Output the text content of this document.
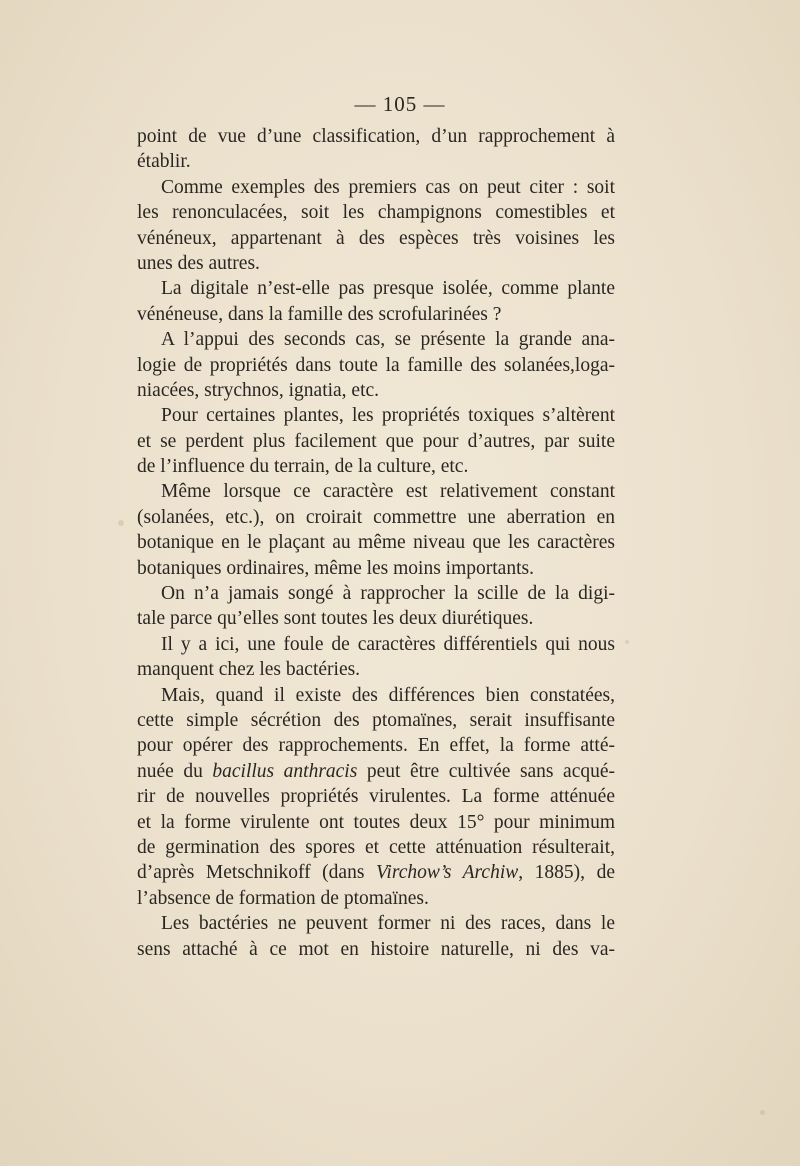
— 105 —
point de vue d’une classification, d’un rapprochement à
établir.
Comme exemples des premiers cas on peut citer : soit
les renonculacées, soit les champignons comestibles et
vénéneux, appartenant à des espèces très voisines les
unes des autres.
La digitale n’est-elle pas presque isolée, comme plante
vénéneuse, dans la famille des scrofularinées ?
A l’appui des seconds cas, se présente la grande ana-
logie de propriétés dans toute la famille des solanées,loga-
niacées, strychnos, ignatia, etc.
Pour certaines plantes, les propriétés toxiques s’altèrent
et se perdent plus facilement que pour d’autres, par suite
de l’influence du terrain, de la culture, etc.
Même lorsque ce caractère est relativement constant
(solanées, etc.), on croirait commettre une aberration en
botanique en le plaçant au même niveau que les caractères
botaniques ordinaires, même les moins importants.
On n’a jamais songé à rapprocher la scille de la digi-
tale parce qu’elles sont toutes les deux diurétiques.
Il y a ici, une foule de caractères différentiels qui nous
manquent chez les bactéries.
Mais, quand il existe des différences bien constatées,
cette simple sécrétion des ptomaïnes, serait insuffisante
pour opérer des rapprochements. En effet, la forme atté-
nuée du bacillus anthracis peut être cultivée sans acqué-
rir de nouvelles propriétés virulentes. La forme atténuée
et la forme virulente ont toutes deux 15° pour minimum
de germination des spores et cette atténuation résulterait,
d’après Metschnikoff (dans Virchow’s Archiw, 1885), de
l’absence de formation de ptomaïnes.
Les bactéries ne peuvent former ni des races, dans le
sens attaché à ce mot en histoire naturelle, ni des va-
